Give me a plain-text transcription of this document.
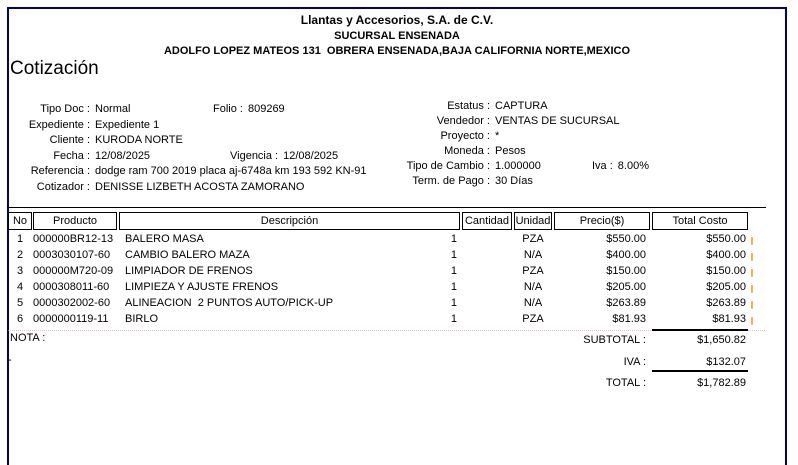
Llantas y Accesorios, S.A. de C.V.
SUCURSAL ENSENADA
ADOLFO LOPEZ MATEOS 131  OBRERA ENSENADA,BAJA CALIFORNIA NORTE,MEXICO
Cotización
Tipo Doc : Normal	Folio : 809269
Expediente : Expediente 1
Cliente : KURODA NORTE
Fecha : 12/08/2025	Vigencia : 12/08/2025
Referencia : dodge ram 700 2019 placa aj-6748a km 193 592 KN-91
Cotizador : DENISSE LIZBETH ACOSTA ZAMORANO
Estatus : CAPTURA
Vendedor : VENTAS DE SUCURSAL
Proyecto : *
Moneda : Pesos
Tipo de Cambio : 1.000000	Iva : 8.00%
Term. de Pago : 30 Días
No	Producto	Descripción	Cantidad Unidad	Precio($)	Total Costo
1 000000BR12-13 BALERO MASA	1	PZA	$550.00	$550.00
2 0003030107-60 CAMBIO BALERO MAZA	1	N/A	$400.00	$400.00
3 000000M720-09 LIMPIADOR DE FRENOS	1	PZA	$150.00	$150.00
4 0000308011-60 LIMPIEZA Y AJUSTE FRENOS	1	N/A	$205.00	$205.00
5 0000302002-60 ALINEACION  2 PUNTOS AUTO/PICK-UP	1	N/A	$263.89	$263.89
6 0000000119-11 BIRLO	1	PZA	$81.93	$81.93
NOTA :
-
SUBTOTAL :	$1,650.82
IVA :	$132.07
TOTAL :	$1,782.89
